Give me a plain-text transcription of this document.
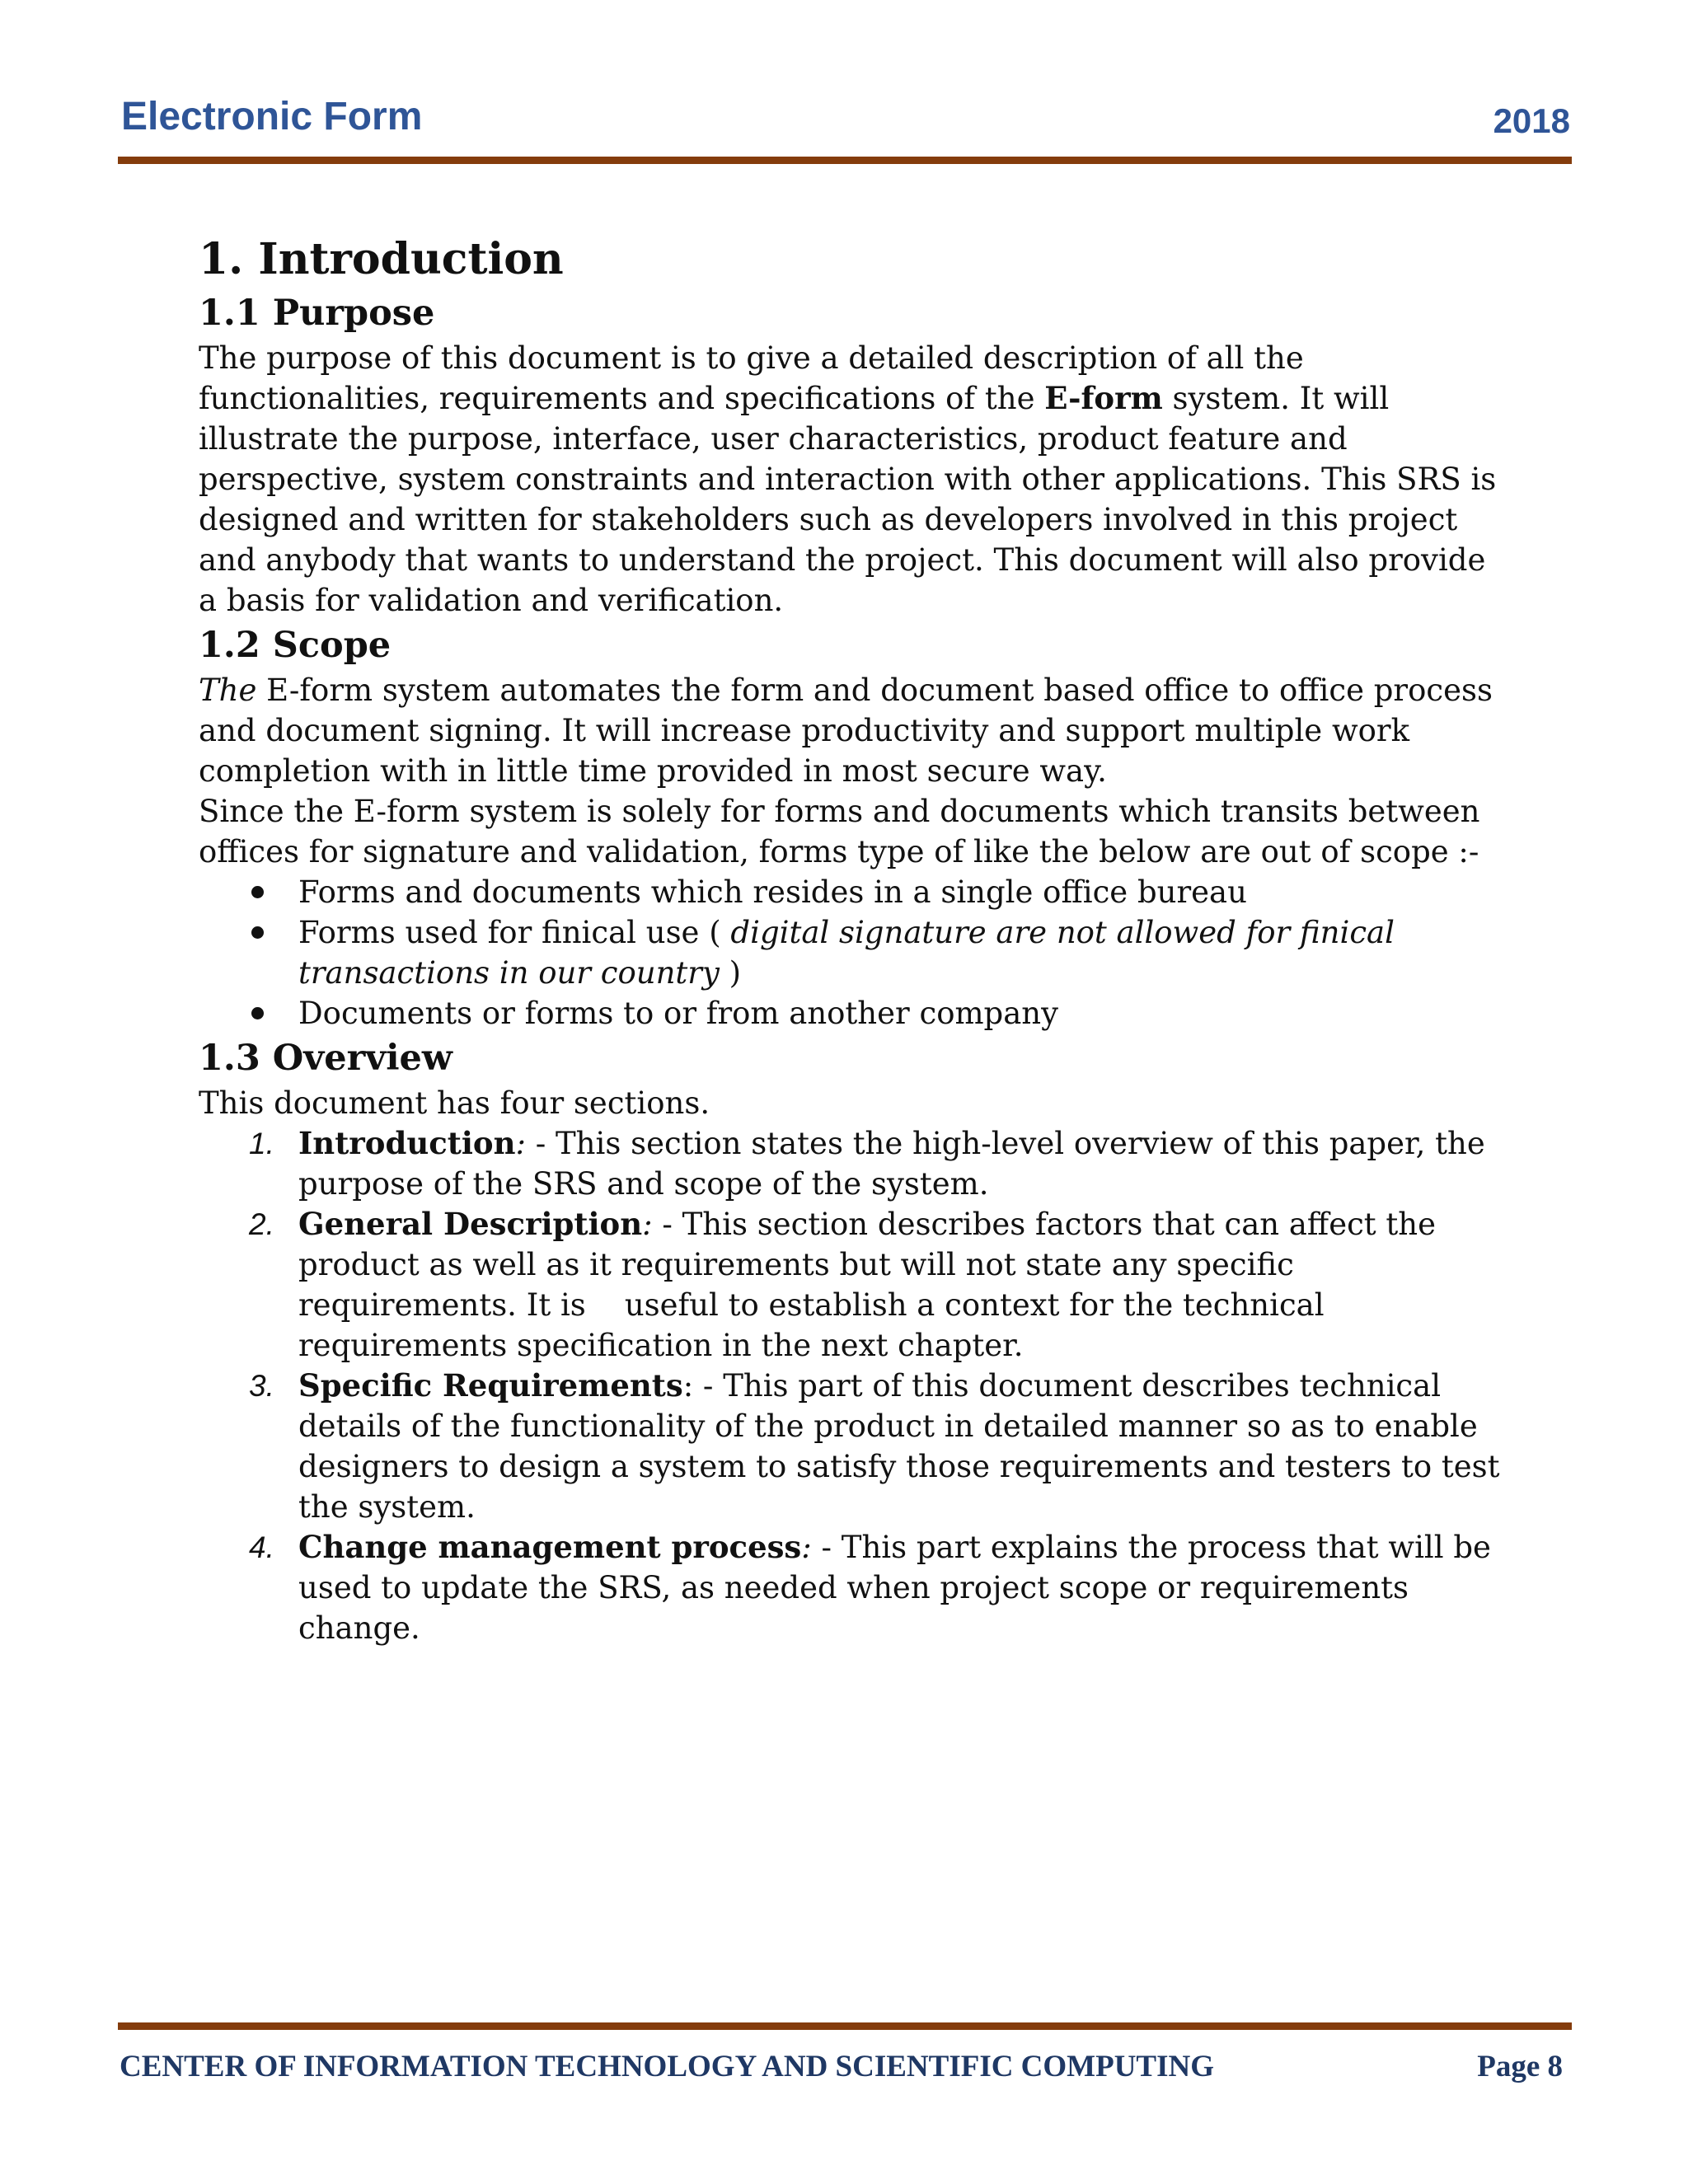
Electronic Form	2018
1. Introduction
1.1 Purpose

The purpose of this document is to give a detailed description of all the functionalities, requirements and specifications of the E-form system. It will illustrate the purpose, interface, user characteristics, product feature and perspective, system constraints and interaction with other applications. This SRS is designed and written for stakeholders such as developers involved in this project and anybody that wants to understand the project. This document will also provide a basis for validation and verification.

1.2 Scope

The E-form system automates the form and document based office to office process and document signing. It will increase productivity and support multiple work completion with in little time provided in most secure way.

Since the E-form system is solely for forms and documents which transits between offices for signature and validation, forms type of like the below are out of scope :-

Forms and documents which resides in a single office bureau
Forms used for finical use ( digital signature are not allowed for finical transactions in our country )
Documents or forms to or from another company
1.3 Overview

This document has four sections.

1. Introduction: - This section states the high-level overview of this paper, the purpose of the SRS and scope of the system.
2. General Description: - This section describes factors that can affect the product as well as it requirements but will not state any specific requirements. It is    useful to establish a context for the technical requirements specification in the next chapter.
3. Specific Requirements: - This part of this document describes technical details of the functionality of the product in detailed manner so as to enable designers to design a system to satisfy those requirements and testers to test the system.
4. Change management process: - This part explains the process that will be used to update the SRS, as needed when project scope or requirements change.
CENTER OF INFORMATION TECHNOLOGY AND SCIENTIFIC COMPUTING	Page 8
